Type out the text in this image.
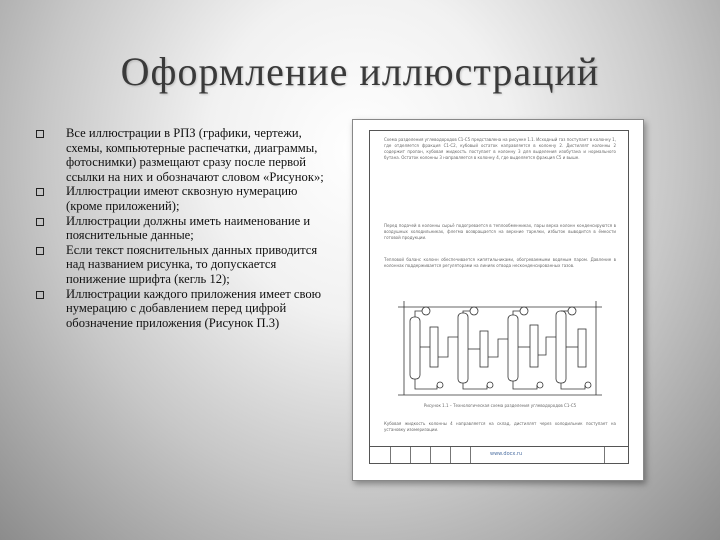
Оформление иллюстраций
Все иллюстрации в РПЗ (графики, чертежи, схемы, компьютерные распечатки, диаграммы, фотоснимки) размещают сразу после первой ссылки на них и обозначают словом «Рисунок»;
Иллюстрации имеют сквозную нумерацию (кроме приложений);
Иллюстрации должны иметь наименование и пояснительные данные;
Если текст пояснительных данных приводится над названием рисунка, то допускается понижение шрифта (кегль 12);
Иллюстрации каждого приложения имеет свою нумерацию с добавлением перед цифрой обозначение приложения (Рисунок П.3)
Схема разделения углеводородов С1-С5 представлена на рисунке 1.1. Исходный газ поступает в колонну 1, где отделяется фракция С1-С2, кубовый остаток направляется в колонну 2. Дистиллят колонны 2 содержит пропан, кубовая жидкость поступает в колонну 3 для выделения изобутана и нормального бутана. Остаток колонны 3 направляется в колонну 4, где выделяется фракция С5 и выше.
Перед подачей в колонны сырьё подогревается в теплообменниках, пары верха колонн конденсируются в воздушных холодильниках, флегма возвращается на верхние тарелки, избыток выводится в ёмкости готовой продукции.
Тепловой баланс колонн обеспечивается кипятильниками, обогреваемыми водяным паром. Давление в колоннах поддерживается регуляторами на линиях отвода несконденсированных газов.
Рисунок 1.1 – Технологическая схема разделения углеводородов С1-С5
Кубовая жидкость колонны 4 направляется на склад, дистиллят через холодильник поступает на установку изомеризации.
www.docx.ru
